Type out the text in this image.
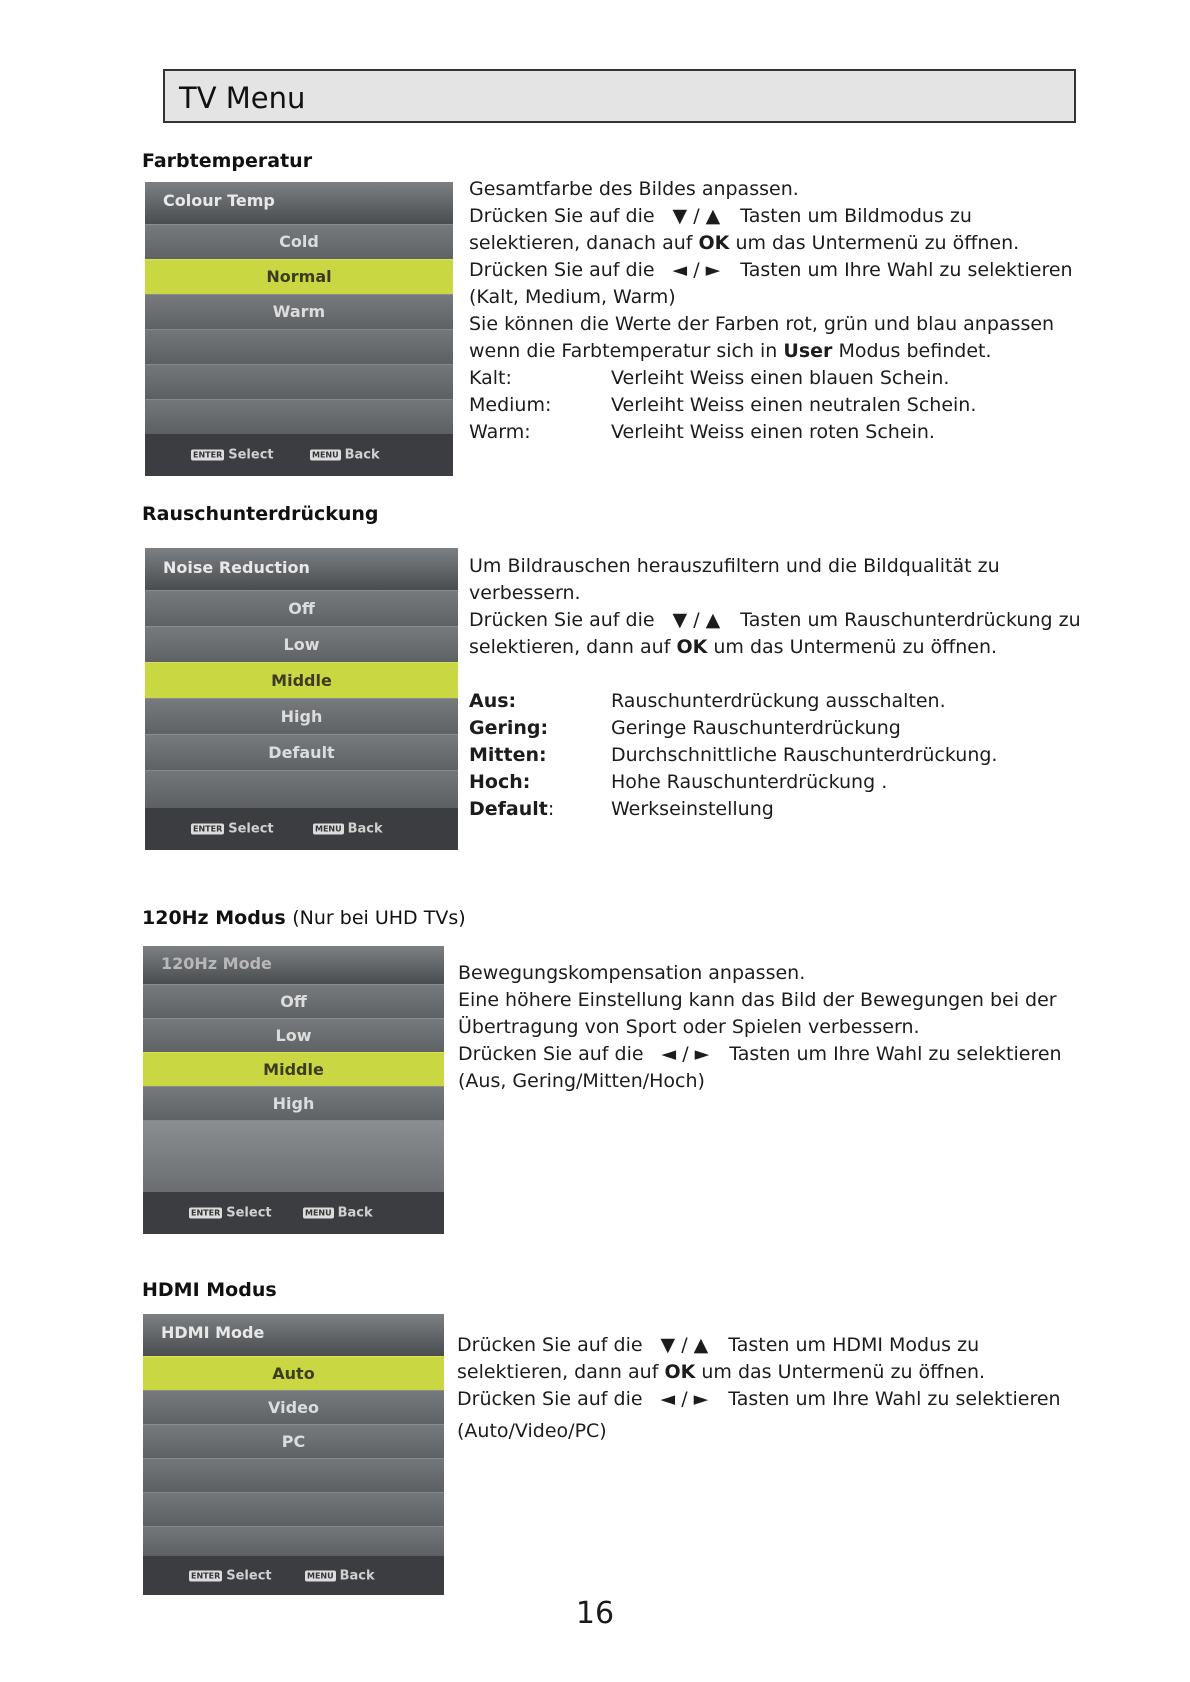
TV Menu
Farbtemperatur
Colour Temp
Cold
Normal
Warm
ENTER Select	MENU Back

Gesamtfarbe des Bildes anpassen.

Drücken Sie auf die ▼ / ▲ Tasten um Bildmodus zu

selektieren, danach auf OK um das Untermenü zu öffnen.

Drücken Sie auf die ◄ / ► Tasten um Ihre Wahl zu selektieren

(Kalt, Medium, Warm)

Sie können die Werte der Farben rot, grün und blau anpassen

wenn die Farbtemperatur sich in User Modus befindet.

Kalt:	Verleiht Weiss einen blauen Schein.
Medium:	Verleiht Weiss einen neutralen Schein.
Warm:	Verleiht Weiss einen roten Schein.
Rauschunterdrückung
Noise Reduction
Off
Low
Middle
High
Default
ENTER Select	MENU Back

Um Bildrauschen herauszufiltern und die Bildqualität zu

verbessern.

Drücken Sie auf die ▼ / ▲ Tasten um Rauschunterdrückung zu

selektieren, dann auf OK um das Untermenü zu öffnen.

Aus:	Rauschunterdrückung ausschalten.
Gering:	Geringe Rauschunterdrückung
Mitten:	Durchschnittliche Rauschunterdrückung.
Hoch:	Hohe Rauschunterdrückung .
Default:	Werkseinstellung
120Hz Modus (Nur bei UHD TVs)
120Hz Mode
Off
Low
Middle
High
ENTER Select	MENU Back

Bewegungskompensation anpassen.

Eine höhere Einstellung kann das Bild der Bewegungen bei der

Übertragung von Sport oder Spielen verbessern.

Drücken Sie auf die ◄ / ► Tasten um Ihre Wahl zu selektieren

(Aus, Gering/Mitten/Hoch)

HDMI Modus
HDMI Mode
Auto
Video
PC
ENTER Select	MENU Back

Drücken Sie auf die ▼ / ▲ Tasten um HDMI Modus zu

selektieren, dann auf OK um das Untermenü zu öffnen.

Drücken Sie auf die ◄ / ► Tasten um Ihre Wahl zu selektieren

(Auto/Video/PC)

16
